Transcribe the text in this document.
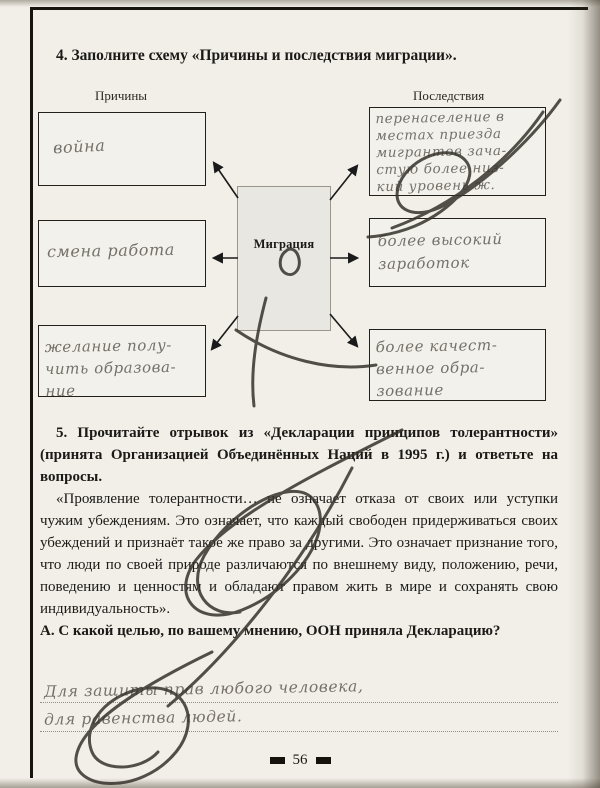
4. Заполните схему «Причины и последствия миграции».
Причины	Последствия
война
смена работа
желание полу-
чить образова-
ние
Миграция
перенаселение в
местах приезда
мигрантов зача-
стую более низ-
кий уровень ж.
более высокий
заработок
более качест-
венное обра-
зование

5. Прочитайте отрывок из «Декларации принципов толерантности» (принята Организацией Объединённых Наций в 1995 г.) и ответьте на вопросы.

«Проявление толерантности… не означает отказа от своих или уступки чужим убеждениям. Это означает, что каждый свободен придерживаться своих убеждений и признаёт такое же право за другими. Это означает признание того, что люди по своей природе различаются по внешнему виду, положению, речи, поведению и ценностям и обладают правом жить в мире и сохранять свою индивидуальность».

А. С какой целью, по вашему мнению, ООН приняла Декларацию?

Для защиты прав любого человека,
для равенства людей.
56
